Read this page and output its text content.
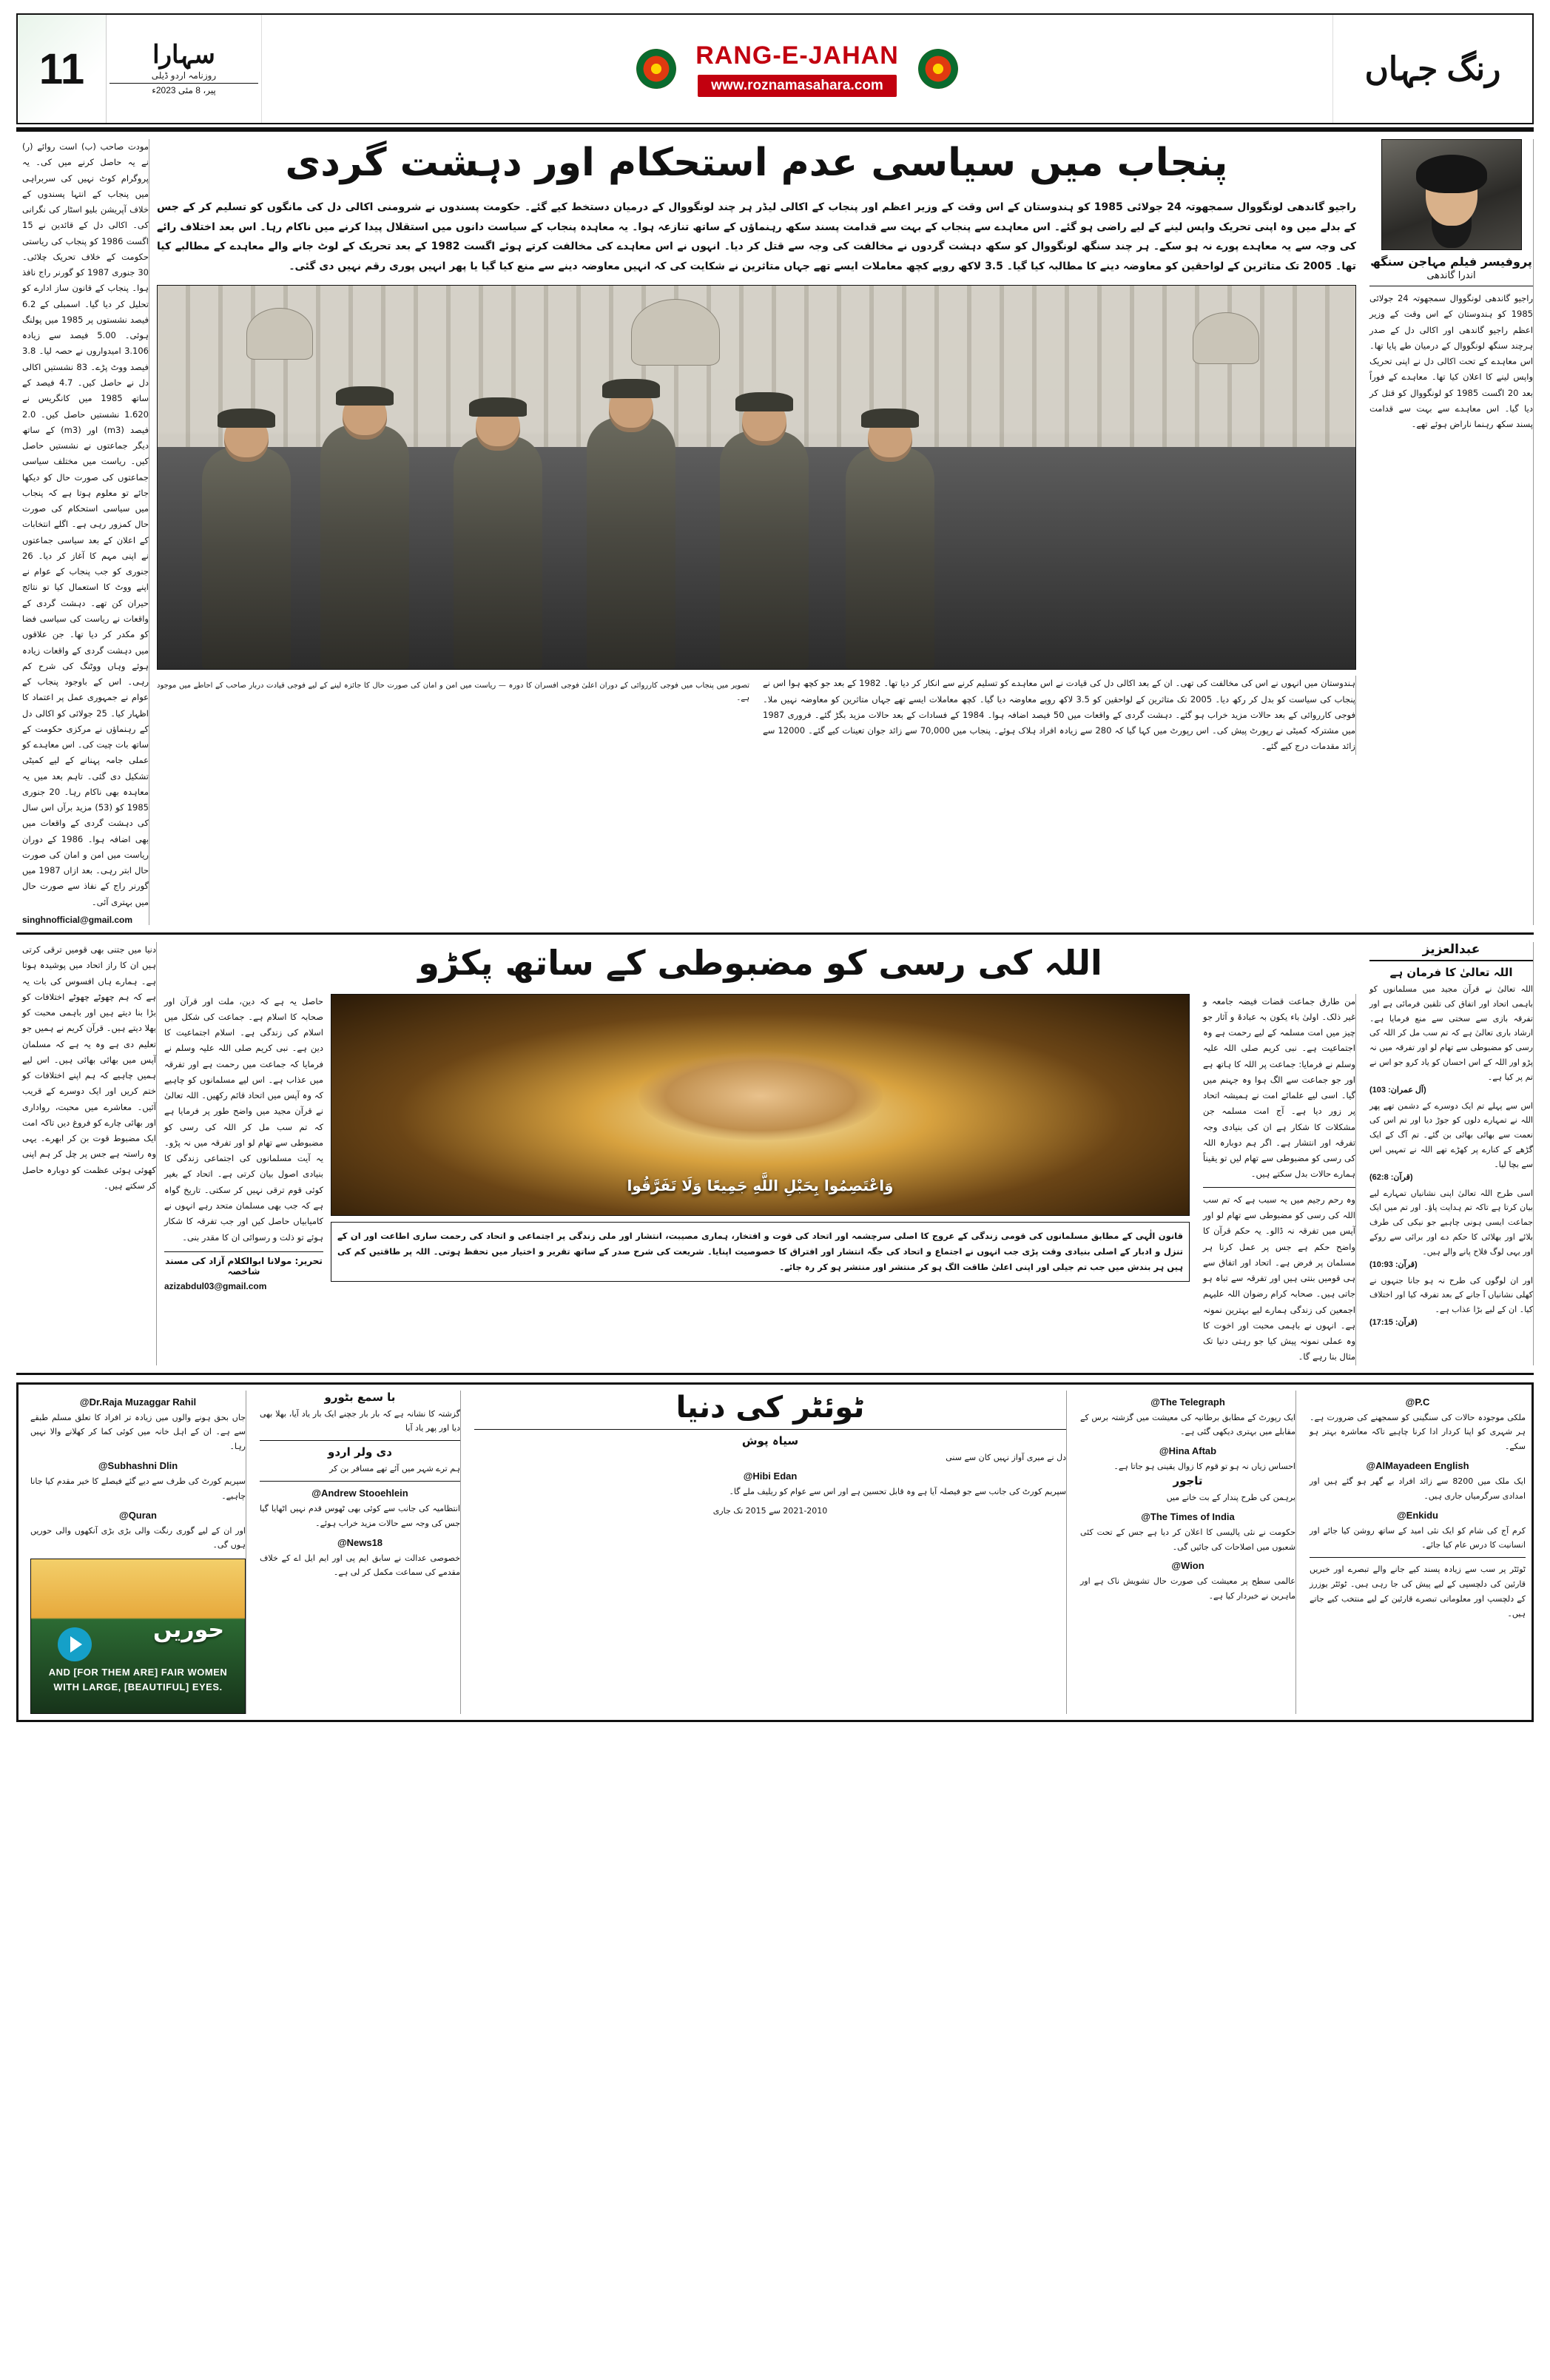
11	سہارا
روزنامہ اردو ڈیلی
پیر، 8 مئی 2023ء
RANG-E-JAHAN
www.roznamasahara.com	رنگ جہاں
مودت صاحب (ب) است روائے (ر) نے یہ حاصل کرنے میں کی۔ یہ پروگرام کوٹ نہیں کی سربراہی میں پنجاب کے انتہا پسندوں کے خلاف آپریشن بلیو اسٹار کی نگرانی کی۔ اکالی دل کے قائدین نے 15 اگست 1986 کو پنجاب کی ریاستی حکومت کے خلاف تحریک چلائی۔ 30 جنوری 1987 کو گورنر راج نافذ ہوا۔ پنجاب کے قانون ساز ادارے کو تحلیل کر دیا گیا۔ اسمبلی کے 6.2 فیصد نشستوں پر 1985 میں پولنگ ہوئی۔ 5.00 فیصد سے زیادہ 3.106 امیدواروں نے حصہ لیا۔ 3.8 فیصد ووٹ پڑے۔ 83 نشستیں اکالی دل نے حاصل کیں۔ 4.7 فیصد کے ساتھ 1985 میں کانگریس نے 1.620 نشستیں حاصل کیں۔ 2.0 فیصد (m3) اور (m3) کے ساتھ دیگر جماعتوں نے نشستیں حاصل کیں۔ ریاست میں مختلف سیاسی جماعتوں کی صورت حال کو دیکھا جائے تو معلوم ہوتا ہے کہ پنجاب میں سیاسی استحکام کی صورت حال کمزور رہی ہے۔ اگلے انتخابات کے اعلان کے بعد سیاسی جماعتوں نے اپنی مہم کا آغاز کر دیا۔ 26 جنوری کو جب پنجاب کے عوام نے اپنے ووٹ کا استعمال کیا تو نتائج حیران کن تھے۔ دہشت گردی کے واقعات نے ریاست کی سیاسی فضا کو مکدر کر دیا تھا۔ جن علاقوں میں دہشت گردی کے واقعات زیادہ ہوئے وہاں ووٹنگ کی شرح کم رہی۔ اس کے باوجود پنجاب کے عوام نے جمہوری عمل پر اعتماد کا اظہار کیا۔ 25 جولائی کو اکالی دل کے رہنماؤں نے مرکزی حکومت کے ساتھ بات چیت کی۔ اس معاہدے کو عملی جامہ پہنانے کے لیے کمیٹی تشکیل دی گئی۔ تاہم بعد میں یہ معاہدہ بھی ناکام رہا۔ 20 جنوری 1985 کو (53) مزید برآں اس سال کی دہشت گردی کے واقعات میں بھی اضافہ ہوا۔ 1986 کے دوران ریاست میں امن و امان کی صورت حال ابتر رہی۔ بعد ازاں 1987 میں گورنر راج کے نفاذ سے صورت حال میں بہتری آئی۔
singhnofficial@gmail.com
پنجاب میں سیاسی عدم استحکام اور دہشت گردی
راجیو گاندھی لونگووال سمجھوتہ 24 جولائی 1985 کو ہندوستان کے اس وقت کے وزیر اعظم اور پنجاب کے اکالی لیڈر ہر چند لونگووال کے درمیان دستخط کیے گئے۔ حکومت پسندوں نے شرومنی اکالی دل کی مانگوں کو تسلیم کر کے جس کے بدلے میں وہ اپنی تحریک واپس لینے کے لیے راضی ہو گئے۔ اس معاہدے سے پنجاب کے بہت سے قدامت پسند سکھ رہنماؤں کے ساتھ تنازعہ ہوا۔ یہ معاہدہ پنجاب کے سیاست دانوں میں استقلال پیدا کرنے میں ناکام رہا۔ اس بعد اختلاف رائے کی وجہ سے یہ معاہدے پورے نہ ہو سکے۔ ہر چند سنگھ لونگووال کو سکھ دہشت گردوں نے مخالفت کی وجہ سے قتل کر دیا۔ انہوں نے اس معاہدے کی مخالفت کرتے ہوئے اگست 1982 کے بعد تحریک کے لوٹ جانے والے معاہدے کے مطالبے کیا تھا۔ 2005 تک متاثرین کے لواحقین کو معاوضہ دینے کا مطالبہ کیا گیا۔ 3.5 لاکھ روپے کچھ معاملات ایسے تھے جہاں متاثرین نے شکایت کی کہ انہیں معاوضہ دینے سے منع کیا گیا یا پھر انہیں پوری رقم نہیں دی گئی۔
تصویر میں پنجاب میں فوجی کارروائی کے دوران اعلیٰ فوجی افسران کا دورہ — ریاست میں امن و امان کی صورت حال کا جائزہ لینے کے لیے فوجی قیادت دربار صاحب کے احاطے میں موجود ہے۔
ہندوستان میں انہوں نے اس کی مخالفت کی تھی۔ ان کے بعد اکالی دل کی قیادت نے اس معاہدے کو تسلیم کرنے سے انکار کر دیا تھا۔ 1982 کے بعد جو کچھ ہوا اس نے پنجاب کی سیاست کو بدل کر رکھ دیا۔ 2005 تک متاثرین کے لواحقین کو 3.5 لاکھ روپے معاوضہ دیا گیا۔ کچھ معاملات ایسے تھے جہاں متاثرین کو معاوضہ نہیں ملا۔ فوجی کارروائی کے بعد حالات مزید خراب ہو گئے۔ دہشت گردی کے واقعات میں 50 فیصد اضافہ ہوا۔ 1984 کے فسادات کے بعد حالات مزید بگڑ گئے۔ فروری 1987 میں مشترکہ کمیٹی نے رپورٹ پیش کی۔ اس رپورٹ میں کہا گیا کہ 280 سے زیادہ افراد ہلاک ہوئے۔ پنجاب میں 70,000 سے زائد جوان تعینات کیے گئے۔ 12000 سے زائد مقدمات درج کیے گئے۔
پروفیسر فیلم مہاجن سنگھ
اندرا گاندھی
راجیو گاندھی لونگووال سمجھوتہ 24 جولائی 1985 کو ہندوستان کے اس وقت کے وزیر اعظم راجیو گاندھی اور اکالی دل کے صدر ہرچند سنگھ لونگووال کے درمیان طے پایا تھا۔ اس معاہدے کے تحت اکالی دل نے اپنی تحریک واپس لینے کا اعلان کیا تھا۔ معاہدے کے فوراً بعد 20 اگست 1985 کو لونگووال کو قتل کر دیا گیا۔ اس معاہدے سے بہت سے قدامت پسند سکھ رہنما ناراض ہوئے تھے۔
دنیا میں جتنی بھی قومیں ترقی کرتی ہیں ان کا راز اتحاد میں پوشیدہ ہوتا ہے۔ ہمارے ہاں افسوس کی بات یہ ہے کہ ہم چھوٹے چھوٹے اختلافات کو بڑا بنا دیتے ہیں اور باہمی محبت کو بھلا دیتے ہیں۔ قرآن کریم نے ہمیں جو تعلیم دی ہے وہ یہ ہے کہ مسلمان آپس میں بھائی بھائی ہیں۔ اس لیے ہمیں چاہیے کہ ہم اپنے اختلافات کو ختم کریں اور ایک دوسرے کے قریب آئیں۔ معاشرے میں محبت، رواداری اور بھائی چارے کو فروغ دیں تاکہ امت ایک مضبوط قوت بن کر ابھرے۔ یہی وہ راستہ ہے جس پر چل کر ہم اپنی کھوئی ہوئی عظمت کو دوبارہ حاصل کر سکتے ہیں۔
اللہ کی رسی کو مضبوطی کے ساتھ پکڑو
حاصل یہ ہے کہ دین، ملت اور قرآن اور صحابہ کا اسلام ہے۔ جماعت کی شکل میں اسلام کی زندگی ہے۔ اسلام اجتماعیت کا دین ہے۔ نبی کریم صلی اللہ علیہ وسلم نے فرمایا کہ جماعت میں رحمت ہے اور تفرقہ میں عذاب ہے۔ اس لیے مسلمانوں کو چاہیے کہ وہ آپس میں اتحاد قائم رکھیں۔ اللہ تعالیٰ نے قرآن مجید میں واضح طور پر فرمایا ہے کہ تم سب مل کر اللہ کی رسی کو مضبوطی سے تھام لو اور تفرقہ میں نہ پڑو۔ یہ آیت مسلمانوں کی اجتماعی زندگی کا بنیادی اصول بیان کرتی ہے۔ اتحاد کے بغیر کوئی قوم ترقی نہیں کر سکتی۔ تاریخ گواہ ہے کہ جب بھی مسلمان متحد رہے انہوں نے کامیابیاں حاصل کیں اور جب تفرقہ کا شکار ہوئے تو ذلت و رسوائی ان کا مقدر بنی۔
تحریر: مولانا ابوالکلام آزاد کی مسند شاخصہ
azizabdul03@gmail.com
وَاعْتَصِمُوا بِحَبْلِ اللَّهِ جَمِيعًا وَلَا تَفَرَّقُوا
قانون الٰہی کے مطابق مسلمانوں کی قومی زندگی کے عروج کا اصلی سرچشمہ اور اتحاد کی قوت و افتخار، ہماری مصیبت، انتشار اور ملی زندگی پر اجتماعی و اتحاد کی رحمت ساری اطاعت اور ان کے تنزل و ادبار کے اصلی بنیادی وقت پڑی جب انہوں نے اجتماع و اتحاد کی جگہ انتشار اور افتراق کا خصوصیت اپنایا۔ شریعت کی شرح صدر کے ساتھ تقریر و اختیار میں تحفظ ہوتی۔ اللہ پر طاقتیں کم کی ہیں ہر بندش میں جب تم جیلی اور اپنی اعلیٰ طاقت الگ ہو کر منتشر اور منتشر ہو کر رہ جائے۔
من طارق جماعت قضات فیضہ جامعہ و غیر ذلک۔ اولیٰ باء یکون بہ عبادۃ و آثار جو چیز میں امت مسلمہ کے لیے رحمت ہے وہ اجتماعیت ہے۔ نبی کریم صلی اللہ علیہ وسلم نے فرمایا: جماعت پر اللہ کا ہاتھ ہے اور جو جماعت سے الگ ہوا وہ جہنم میں گیا۔ اسی لیے علمائے امت نے ہمیشہ اتحاد پر زور دیا ہے۔ آج امت مسلمہ جن مشکلات کا شکار ہے ان کی بنیادی وجہ تفرقہ اور انتشار ہے۔ اگر ہم دوبارہ اللہ کی رسی کو مضبوطی سے تھام لیں تو یقیناً ہمارے حالات بدل سکتے ہیں۔
وہ رحم رجیم میں یہ سبب ہے کہ تم سب اللہ کی رسی کو مضبوطی سے تھام لو اور آپس میں تفرقہ نہ ڈالو۔ یہ حکم قرآن کا واضح حکم ہے جس پر عمل کرنا ہر مسلمان پر فرض ہے۔ اتحاد اور اتفاق سے ہی قومیں بنتی ہیں اور تفرقہ سے تباہ ہو جاتی ہیں۔ صحابہ کرام رضوان اللہ علیہم اجمعین کی زندگی ہمارے لیے بہترین نمونہ ہے۔ انہوں نے باہمی محبت اور اخوت کا وہ عملی نمونہ پیش کیا جو رہتی دنیا تک مثال بنا رہے گا۔
عبدالعزیز
اللہ تعالیٰ کا فرمان ہے
اللہ تعالیٰ نے قرآن مجید میں مسلمانوں کو باہمی اتحاد اور اتفاق کی تلقین فرمائی ہے اور تفرقہ بازی سے سختی سے منع فرمایا ہے۔ ارشاد باری تعالیٰ ہے کہ تم سب مل کر اللہ کی رسی کو مضبوطی سے تھام لو اور تفرقہ میں نہ پڑو اور اللہ کے اس احسان کو یاد کرو جو اس نے تم پر کیا ہے۔
(آل عمران: 103)
اس سے پہلے تم ایک دوسرے کے دشمن تھے پھر اللہ نے تمہارے دلوں کو جوڑ دیا اور تم اس کی نعمت سے بھائی بھائی بن گئے۔ تم آگ کے ایک گڑھے کے کنارے پر کھڑے تھے اللہ نے تمہیں اس سے بچا لیا۔
(قرآن: 62:8)
اسی طرح اللہ تعالیٰ اپنی نشانیاں تمہارے لیے بیان کرتا ہے تاکہ تم ہدایت پاؤ۔ اور تم میں ایک جماعت ایسی ہونی چاہیے جو نیکی کی طرف بلائے اور بھلائی کا حکم دے اور برائی سے روکے اور یہی لوگ فلاح پانے والے ہیں۔
(قرآن: 10:93)
اور ان لوگوں کی طرح نہ ہو جانا جنہوں نے کھلی نشانیاں آ جانے کے بعد تفرقہ کیا اور اختلاف کیا۔ ان کے لیے بڑا عذاب ہے۔
(قرآن: 17:15)
@Dr.Raja Muzaggar Rahil
جاں بحق ہونے والوں میں زیادہ تر افراد کا تعلق مسلم طبقے سے ہے۔ ان کے اہل خانہ میں کوئی کما کر کھلانے والا نہیں رہا۔
@Subhashni Dlin
سپریم کورٹ کی طرف سے دیے گئے فیصلے کا خیر مقدم کیا جانا چاہیے۔
@Quran
اور ان کے لیے گوری رنگت والی بڑی بڑی آنکھوں والی حوریں ہوں گی۔
حوریں
AND [FOR THEM ARE] FAIR WOMEN
WITH LARGE, [BEAUTIFUL] EYES.
با سمع بٹورو
گزشتہ کا نشانہ ہے کہ بار بار جچنے ایک بار یاد آیا، بھلا بھی دیا اور پھر یاد آیا
دی ولر اردو
ہم ترے شہر میں آئے تھے مسافر بن کر
@Andrew Stooehlein
انتظامیہ کی جانب سے کوئی بھی ٹھوس قدم نہیں اٹھایا گیا جس کی وجہ سے حالات مزید خراب ہوئے۔
@News18
خصوصی عدالت نے سابق ایم پی اور ایم ایل اے کے خلاف مقدمے کی سماعت مکمل کر لی ہے۔
ٹوئٹر کی دنیا
سیاہ پوش
دل نے میری آواز نہیں کان سے سنی
@Hibi Edan
سپریم کورٹ کی جانب سے جو فیصلہ آیا ہے وہ قابل تحسین ہے اور اس سے عوام کو ریلیف ملے گا۔
2021-2010 سے 2015 تک جاری
@The Telegraph
ایک رپورٹ کے مطابق برطانیہ کی معیشت میں گزشتہ برس کے مقابلے میں بہتری دیکھی گئی ہے۔
@Hina Aftab
احساس زیاں نہ ہو تو قوم کا زوال یقینی ہو جاتا ہے۔
تاجور
برہمن کی طرح پندار کے بت خانے میں
@The Times of India
حکومت نے نئی پالیسی کا اعلان کر دیا ہے جس کے تحت کئی شعبوں میں اصلاحات کی جائیں گی۔
@Wion
عالمی سطح پر معیشت کی صورت حال تشویش ناک ہے اور ماہرین نے خبردار کیا ہے۔
@P.C
ملکی موجودہ حالات کی سنگینی کو سمجھنے کی ضرورت ہے۔ ہر شہری کو اپنا کردار ادا کرنا چاہیے تاکہ معاشرہ بہتر ہو سکے۔
@AlMayadeen English
ایک ملک میں 8200 سے زائد افراد بے گھر ہو گئے ہیں اور امدادی سرگرمیاں جاری ہیں۔
@Enkidu
کرم آج کی شام کو ایک نئی امید کے ساتھ روشن کیا جائے اور انسانیت کا درس عام کیا جائے۔
ٹوئٹر پر سب سے زیادہ پسند کیے جانے والے تبصرے اور خبریں قارئین کی دلچسپی کے لیے پیش کی جا رہی ہیں۔ ٹوئٹر یوزرز کے دلچسپ اور معلوماتی تبصرے قارئین کے لیے منتخب کیے جاتے ہیں۔
